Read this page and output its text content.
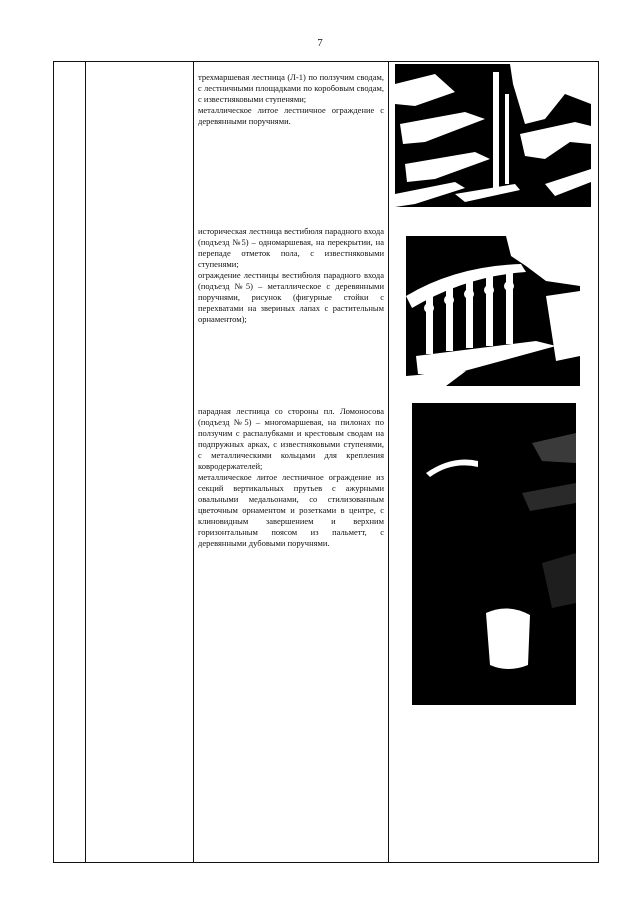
7

трехмаршевая лестница (Л-1) по ползучим сводам, с лестничными площадками по коробовым сводам, с известняковыми ступенями;

металлическое литое лестничное ограждение с деревянными поручнями.

историческая лестница вестибюля парадного входа (подъезд №5) – одномаршевая, на перекрытии, на перепаде отметок пола, с известняковыми ступенями;

ограждение лестницы вестибюля парадного входа (подъезд №5) – металлическое с деревянными поручнями, рисунок (фигурные стойки с перехватами на звериных лапах с растительным орнаментом);

парадная лестница со стороны пл. Ломоносова (подъезд №5) – многомаршевая, на пилонах по ползучим с распалубками и крестовым сводам на подпружных арках, с известняковыми ступенями, с металлическими кольцами для крепления ковродержателей;

металлическое литое лестничное ограждение из секций вертикальных прутьев с ажурными овальными медальонами, со стилизованным цветочным орнаментом и розетками в центре, с клиновидным завершением и верхним горизонтальным поясом из пальметт, с деревянными дубовыми поручнями.
